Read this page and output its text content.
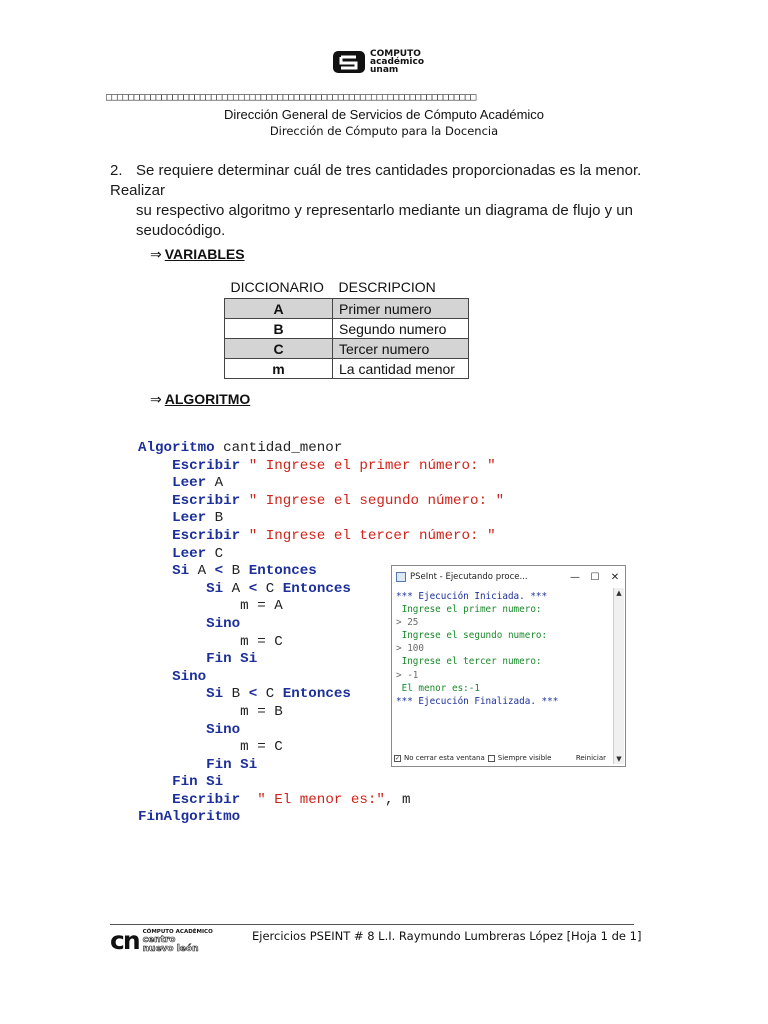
COMPUTO
académico
unam
□□□□□□□□□□□□□□□□□□□□□□□□□□□□□□□□□□□□□□□□□□□□□□□□□□□□□□□□□□□□□□□□□□□
Dirección General de Servicios de Cómputo Académico
Dirección de Cómputo para la Docencia
2. Se requiere determinar cuál de tres cantidades proporcionadas es la menor. Realizar
su respectivo algoritmo y representarlo mediante un diagrama de flujo y un
seudocódigo.
⇒ VARIABLES
DICCIONARIO	DESCRIPCION
A	Primer numero
B	Segundo numero
C	Tercer numero
m	La cantidad menor
⇒ ALGORITMO
Algoritmo cantidad_menor
Escribir " Ingrese el primer número: "
Leer A
Escribir " Ingrese el segundo número: "
Leer B
Escribir " Ingrese el tercer número: "
Leer C
Si A < B Entonces
Si A < C Entonces
m = A
Sino
m = C
Fin Si
Sino
Si B < C Entonces
m = B
Sino
m = C
Fin Si
Fin Si
Escribir  " El menor es:", m
FinAlgoritmo
PSeInt - Ejecutando proce...	—	☐	✕
*** Ejecución Iniciada. ***
Ingrese el primer numero:
> 25
Ingrese el segundo numero:
> 100
Ingrese el tercer numero:
> -1
El menor es:-1
*** Ejecución Finalizada. ***
▲
▼
✓ No cerrar esta ventana Siempre visible	Reiniciar
cn CÓMPUTO ACADÉMICO
centro
nuevo león
Ejercicios PSEINT # 8 L.I. Raymundo Lumbreras López [Hoja 1 de 1]
